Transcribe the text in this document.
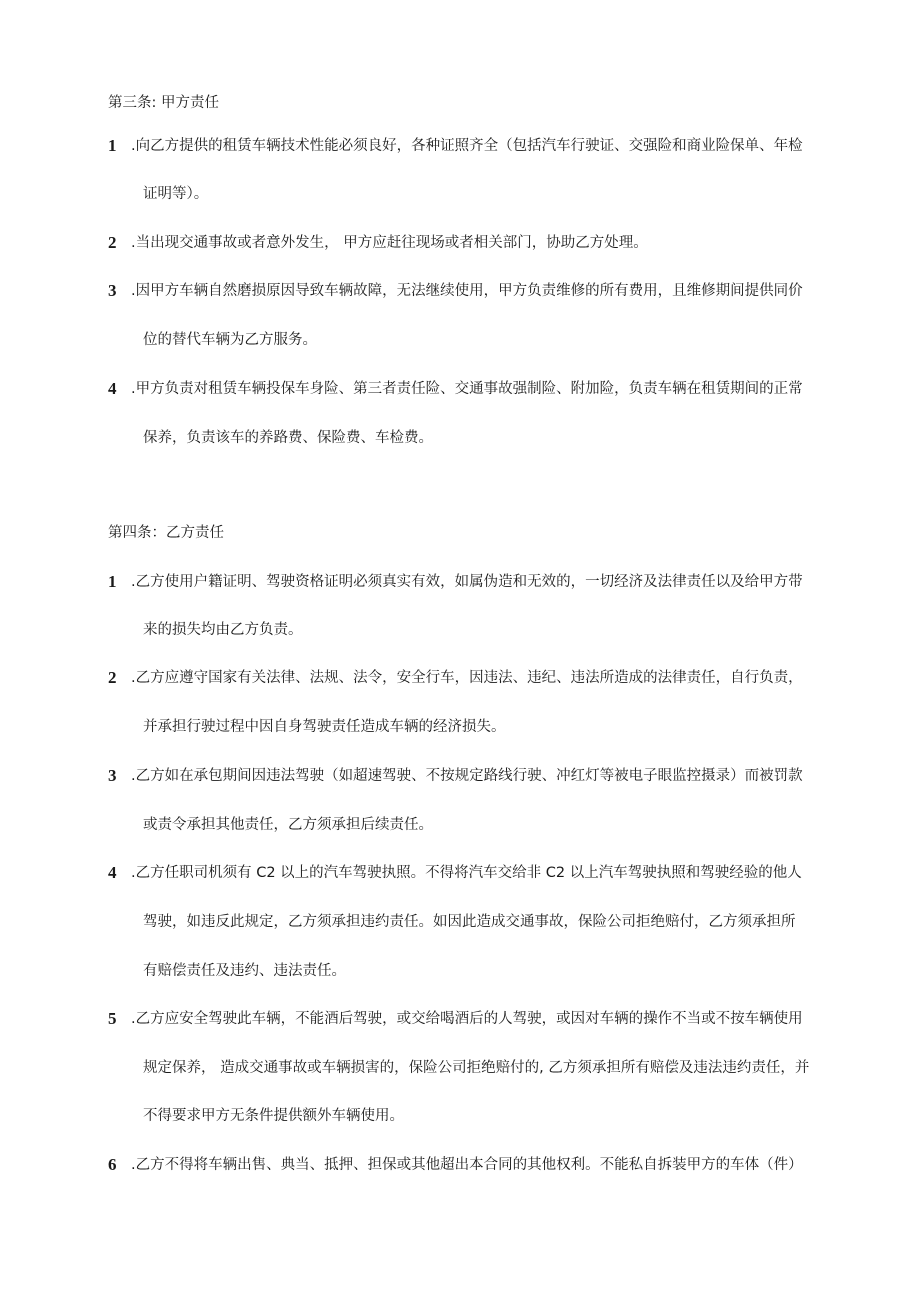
第三条: 甲方责任
1 .向乙方提供的租赁车辆技术性能必须良好，各种证照齐全（包括汽车行驶证、交强险和商业险保单、年检
证明等）。
2 .当出现交通事故或者意外发生， 甲方应赶往现场或者相关部门，协助乙方处理。
3 .因甲方车辆自然磨损原因导致车辆故障，无法继续使用，甲方负责维修的所有费用，且维修期间提供同价
位的替代车辆为乙方服务。
4 .甲方负责对租赁车辆投保车身险、第三者责任险、交通事故强制险、附加险，负责车辆在租赁期间的正常
保养，负责该车的养路费、保险费、车检费。
第四条：乙方责任
1 .乙方使用户籍证明、驾驶资格证明必须真实有效，如属伪造和无效的，一切经济及法律责任以及给甲方带
来的损失均由乙方负责。
2 .乙方应遵守国家有关法律、法规、法令，安全行车，因违法、违纪、违法所造成的法律责任，自行负责，
并承担行驶过程中因自身驾驶责任造成车辆的经济损失。
3 .乙方如在承包期间因违法驾驶（如超速驾驶、不按规定路线行驶、冲红灯等被电子眼监控摄录）而被罚款
或责令承担其他责任，乙方须承担后续责任。
4 .乙方任职司机须有 C2 以上的汽车驾驶执照。不得将汽车交给非 C2 以上汽车驾驶执照和驾驶经验的他人
驾驶，如违反此规定，乙方须承担违约责任。如因此造成交通事故，保险公司拒绝赔付，乙方须承担所
有赔偿责任及违约、违法责任。
5 .乙方应安全驾驶此车辆，不能酒后驾驶，或交给喝酒后的人驾驶，或因对车辆的操作不当或不按车辆使用
规定保养， 造成交通事故或车辆损害的，保险公司拒绝赔付的, 乙方须承担所有赔偿及违法违约责任，并
不得要求甲方无条件提供额外车辆使用。
6 .乙方不得将车辆出售、典当、抵押、担保或其他超出本合同的其他权利。不能私自拆装甲方的车体（件）
